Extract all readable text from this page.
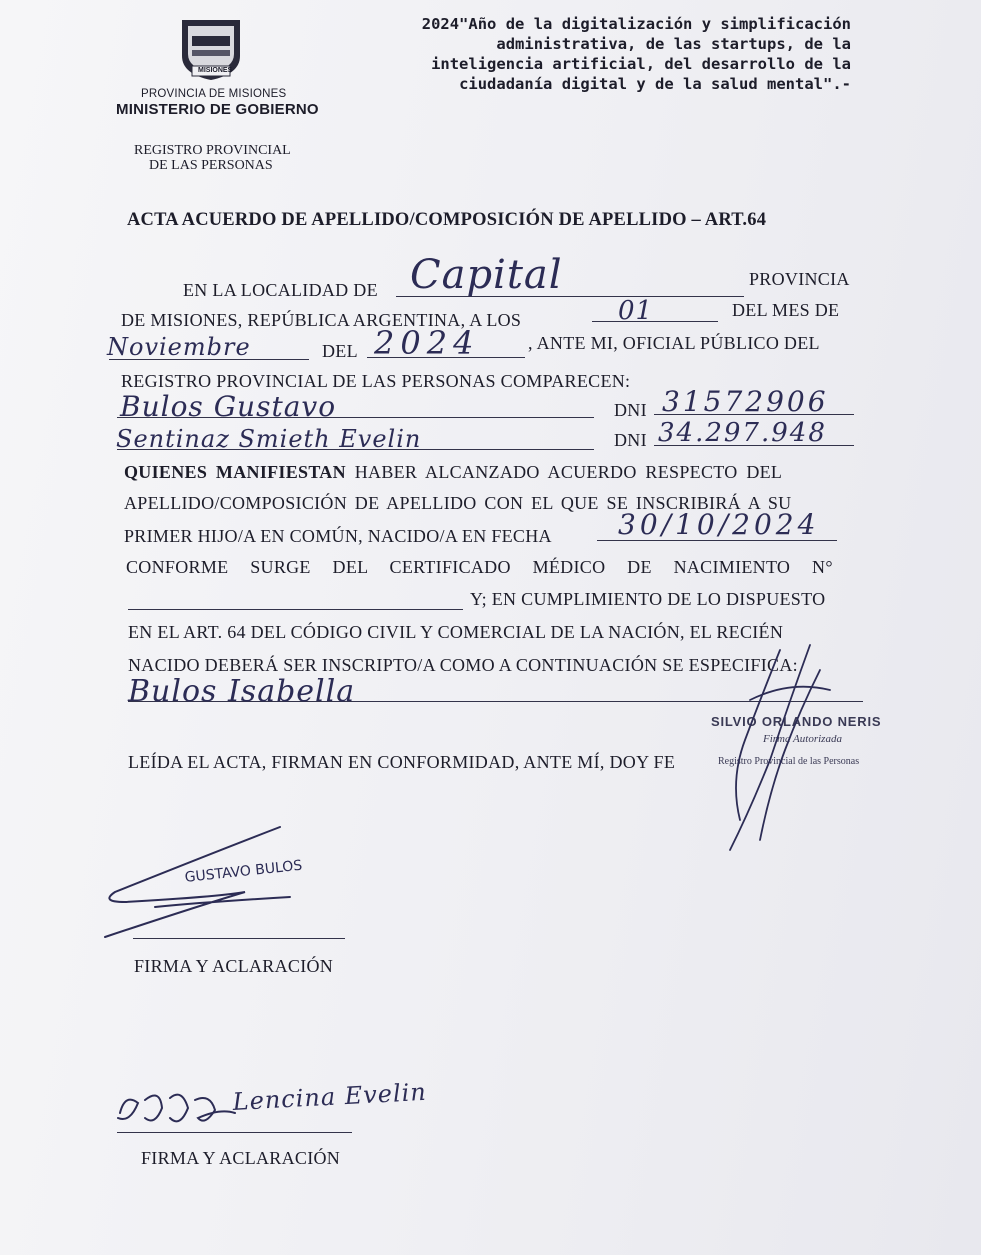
MISIONES
PROVINCIA DE MISIONES
MINISTERIO DE GOBIERNO
REGISTRO PROVINCIAL
DE LAS PERSONAS
2024"Año de la digitalización y simplificación
administrativa, de las startups, de la
inteligencia artificial, del desarrollo de la
ciudadanía digital y de la salud mental".-
ACTA ACUERDO DE APELLIDO/COMPOSICIÓN DE APELLIDO – ART.64
EN LA LOCALIDAD DE Capital	PROVINCIA
DE MISIONES, REPÚBLICA ARGENTINA, A LOS	01	DEL MES DE
Noviembre	DEL 2024	, ANTE MI, OFICIAL PÚBLICO DEL
REGISTRO PROVINCIAL DE LAS PERSONAS COMPARECEN:
Bulos Gustavo	DNI 31572906
Sentinaz Smieth Evelin	DNI 34.297.948
QUIENES MANIFIESTAN HABER ALCANZADO ACUERDO RESPECTO DEL
APELLIDO/COMPOSICIÓN DE APELLIDO CON EL QUE SE INSCRIBIRÁ A SU
PRIMER HIJO/A EN COMÚN, NACIDO/A EN FECHA 30/10/2024
CONFORME SURGE DEL CERTIFICADO MÉDICO DE NACIMIENTO N°
Y; EN CUMPLIMIENTO DE LO DISPUESTO
EN EL ART. 64 DEL CÓDIGO CIVIL Y COMERCIAL DE LA NACIÓN, EL RECIÉN
NACIDO DEBERÁ SER INSCRIPTO/A COMO A CONTINUACIÓN SE ESPECIFICA:
Bulos Isabella
SILVIO ORLANDO NERIS
Firma Autorizada
Registro Provincial de las Personas
LEÍDA EL ACTA, FIRMAN EN CONFORMIDAD, ANTE MÍ, DOY FE
GUSTAVO BULOS
FIRMA Y ACLARACIÓN
Lencina Evelin
FIRMA Y ACLARACIÓN
